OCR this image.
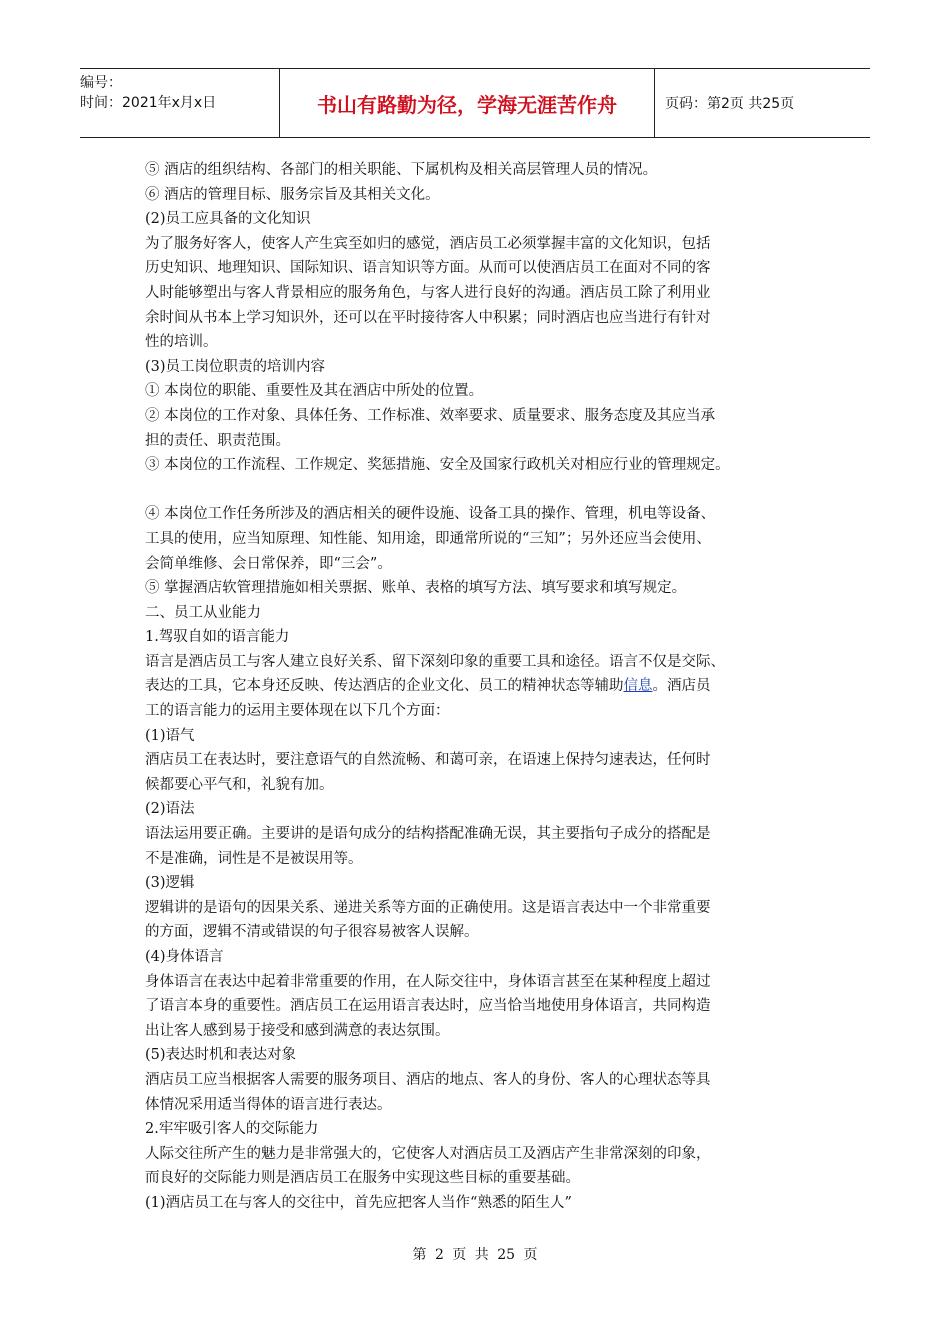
编号：
时间：2021年x月x日	书山有路勤为径，学海无涯苦作舟	页码：第2页 共25页
⑤ 酒店的组织结构、各部门的相关职能、下属机构及相关高层管理人员的情况。
⑥ 酒店的管理目标、服务宗旨及其相关文化。
(2)员工应具备的文化知识
为了服务好客人，使客人产生宾至如归的感觉，酒店员工必须掌握丰富的文化知识，包括
历史知识、地理知识、国际知识、语言知识等方面。从而可以使酒店员工在面对不同的客
人时能够塑出与客人背景相应的服务角色，与客人进行良好的沟通。酒店员工除了利用业
余时间从书本上学习知识外，还可以在平时接待客人中积累；同时酒店也应当进行有针对
性的培训。
(3)员工岗位职责的培训内容
① 本岗位的职能、重要性及其在酒店中所处的位置。
② 本岗位的工作对象、具体任务、工作标准、效率要求、质量要求、服务态度及其应当承
担的责任、职责范围。
③ 本岗位的工作流程、工作规定、奖惩措施、安全及国家行政机关对相应行业的管理规定。
④ 本岗位工作任务所涉及的酒店相关的硬件设施、设备工具的操作、管理，机电等设备、
工具的使用，应当知原理、知性能、知用途，即通常所说的“三知”；另外还应当会使用、
会简单维修、会日常保养，即“三会”。
⑤ 掌握酒店软管理措施如相关票据、账单、表格的填写方法、填写要求和填写规定。
二、员工从业能力
1.驾驭自如的语言能力
语言是酒店员工与客人建立良好关系、留下深刻印象的重要工具和途径。语言不仅是交际、
表达的工具，它本身还反映、传达酒店的企业文化、员工的精神状态等辅助信息。酒店员
工的语言能力的运用主要体现在以下几个方面：
(1)语气
酒店员工在表达时，要注意语气的自然流畅、和蔼可亲，在语速上保持匀速表达，任何时
候都要心平气和，礼貌有加。
(2)语法
语法运用要正确。主要讲的是语句成分的结构搭配准确无误，其主要指句子成分的搭配是
不是准确，词性是不是被误用等。
(3)逻辑
逻辑讲的是语句的因果关系、递进关系等方面的正确使用。这是语言表达中一个非常重要
的方面，逻辑不清或错误的句子很容易被客人误解。
(4)身体语言
身体语言在表达中起着非常重要的作用，在人际交往中，身体语言甚至在某种程度上超过
了语言本身的重要性。酒店员工在运用语言表达时，应当恰当地使用身体语言，共同构造
出让客人感到易于接受和感到满意的表达氛围。
(5)表达时机和表达对象
酒店员工应当根据客人需要的服务项目、酒店的地点、客人的身份、客人的心理状态等具
体情况采用适当得体的语言进行表达。
2.牢牢吸引客人的交际能力
人际交往所产生的魅力是非常强大的，它使客人对酒店员工及酒店产生非常深刻的印象，
而良好的交际能力则是酒店员工在服务中实现这些目标的重要基础。
(1)酒店员工在与客人的交往中，首先应把客人当作“熟悉的陌生人”
第 2 页 共 25 页
